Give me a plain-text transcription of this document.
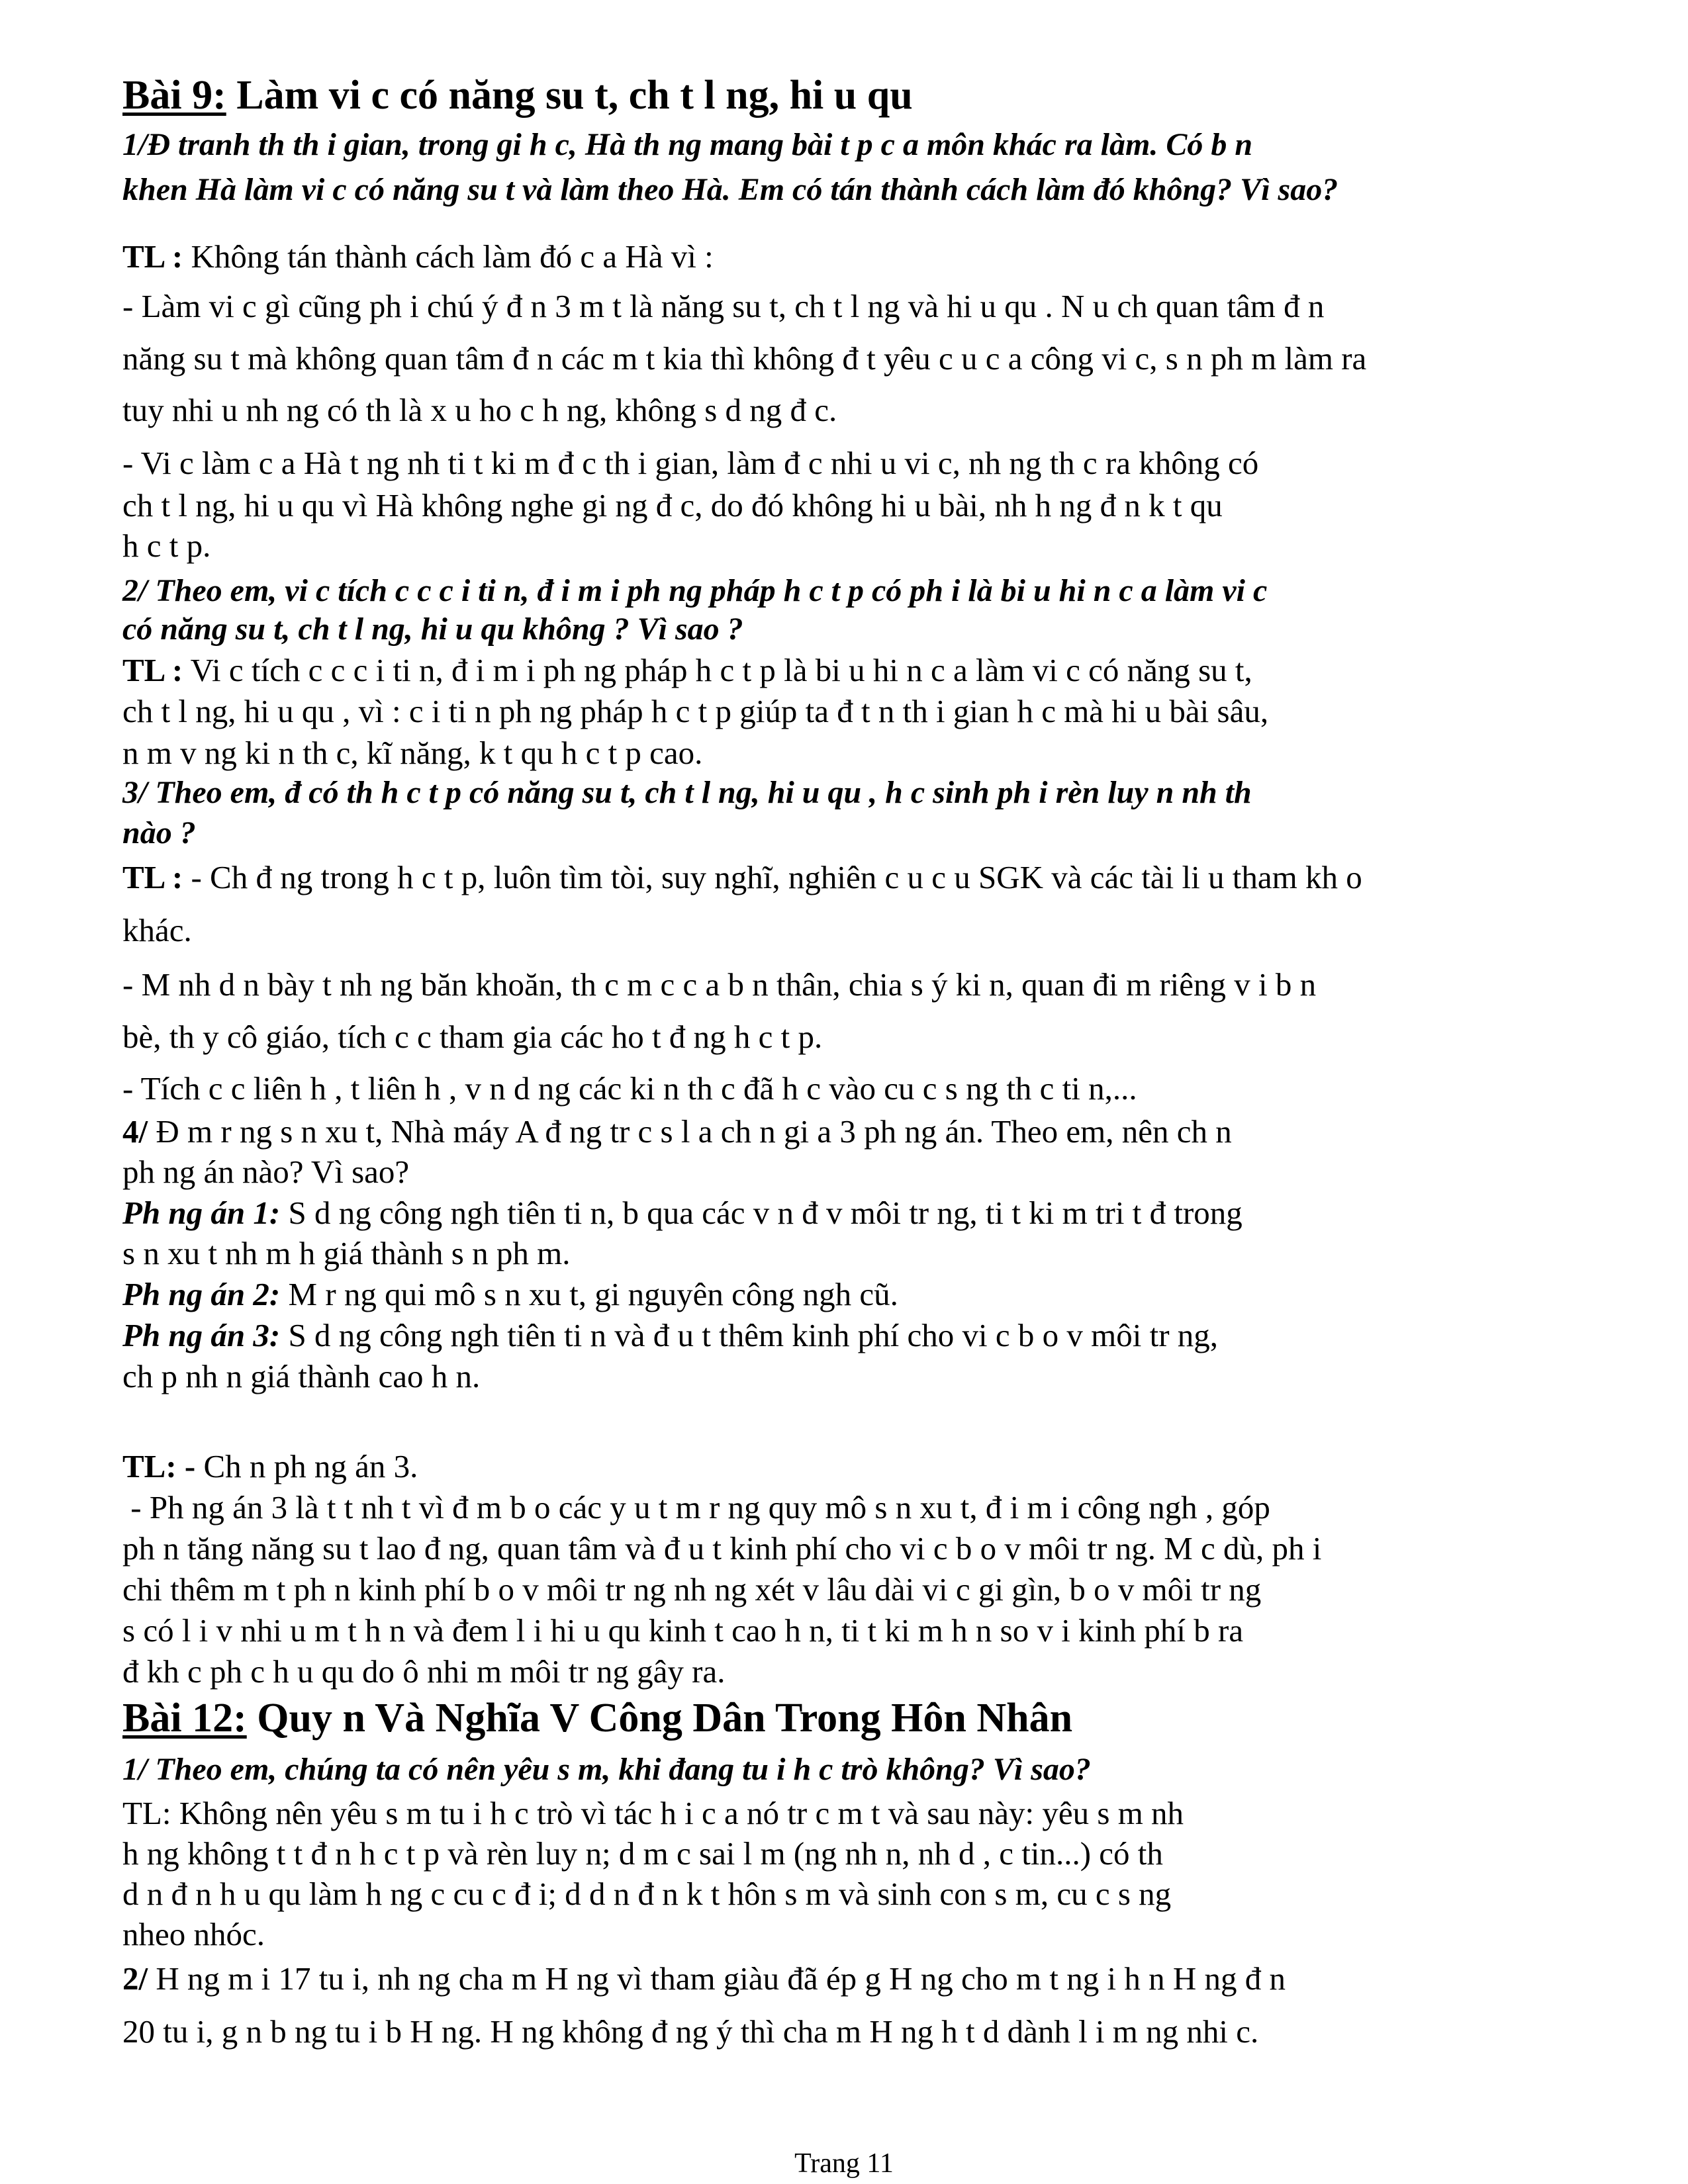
Bài 9: Làm vi c có năng su t, ch t l ng, hi u qu
1/Đ tranh th th i gian, trong gi h c, Hà th ng mang bài t p c a môn khác ra làm. Có b n
khen Hà làm vi c có năng su t và làm theo Hà. Em có tán thành cách làm đó không? Vì sao?
TL : Không tán thành cách làm đó c a Hà vì :
- Làm vi c gì cũng ph i chú ý đ n 3 m t là năng su t, ch t l ng và hi u qu . N u ch quan tâm đ n
năng su t mà không quan tâm đ n các m t kia thì không đ t yêu c u c a công vi c, s n ph m làm ra
tuy nhi u nh ng có th là x u ho c h ng, không s d ng đ c.
- Vi c làm c a Hà t ng nh ti t ki m đ c th i gian, làm đ c nhi u vi c, nh ng th c ra không có
ch t l ng, hi u qu vì Hà không nghe gi ng đ c, do đó không hi u bài, nh h ng đ n k t qu
h c t p.
2/ Theo em, vi c tích c c c i ti n, đ i m i ph ng pháp h c t p có ph i là bi u hi n c a làm vi c
có năng su t, ch t l ng, hi u qu không ? Vì sao ?
TL : Vi c tích c c c i ti n, đ i m i ph ng pháp h c t p là bi u hi n c a làm vi c có năng su t,
ch t l ng, hi u qu , vì : c i ti n ph ng pháp h c t p giúp ta đ t n th i gian h c mà hi u bài sâu,
n m v ng ki n th c, kĩ năng, k t qu h c t p cao.
3/ Theo em, đ có th h c t p có năng su t, ch t l ng, hi u qu , h c sinh ph i rèn luy n nh th
nào ?
TL : - Ch đ ng trong h c t p, luôn tìm tòi, suy nghĩ, nghiên c u c u SGK và các tài li u tham kh o
khác.
- M nh d n bày t nh ng băn khoăn, th c m c c a b n thân, chia s ý ki n, quan đi m riêng v i b n
bè, th y cô giáo, tích c c tham gia các ho t đ ng h c t p.
- Tích c c liên h , t liên h , v n d ng các ki n th c đã h c vào cu c s ng th c ti n,...
4/ Đ m r ng s n xu t, Nhà máy A đ ng tr c s l a ch n gi a 3 ph ng án. Theo em, nên ch n
ph ng án nào? Vì sao?
Ph ng án 1: S d ng công ngh tiên ti n, b qua các v n đ v môi tr ng, ti t ki m tri t đ trong
s n xu t nh m h giá thành s n ph m.
Ph ng án 2: M r ng qui mô s n xu t, gi nguyên công ngh cũ.
Ph ng án 3: S d ng công ngh tiên ti n và đ u t thêm kinh phí cho vi c b o v môi tr ng,
ch p nh n giá thành cao h n.
TL: - Ch n ph ng án 3.
- Ph ng án 3 là t t nh t vì đ m b o các y u t m r ng quy mô s n xu t, đ i m i công ngh , góp
ph n tăng năng su t lao đ ng, quan tâm và đ u t kinh phí cho vi c b o v môi tr ng. M c dù, ph i
chi thêm m t ph n kinh phí b o v môi tr ng nh ng xét v lâu dài vi c gi gìn, b o v môi tr ng
s có l i v nhi u m t h n và đem l i hi u qu kinh t cao h n, ti t ki m h n so v i kinh phí b ra
đ kh c ph c h u qu do ô nhi m môi tr ng gây ra.
Bài 12: Quy n Và Nghĩa V Công Dân Trong Hôn Nhân
1/ Theo em, chúng ta có nên yêu s m, khi đang tu i h c trò không? Vì sao?
TL: Không nên yêu s m tu i h c trò vì tác h i c a nó tr c m t và sau này: yêu s m nh
h ng không t t đ n h c t p và rèn luy n; d m c sai l m (ng nh n, nh d , c tin...) có th
d n đ n h u qu làm h ng c cu c đ i; d d n đ n k t hôn s m và sinh con s m, cu c s ng
nheo nhóc.
2/ H ng m i 17 tu i, nh ng cha m H ng vì tham giàu đã ép g H ng cho m t ng i h n H ng đ n
20 tu i, g n b ng tu i b H ng. H ng không đ ng ý thì cha m H ng h t d dành l i m ng nhi c.
Trang 11
